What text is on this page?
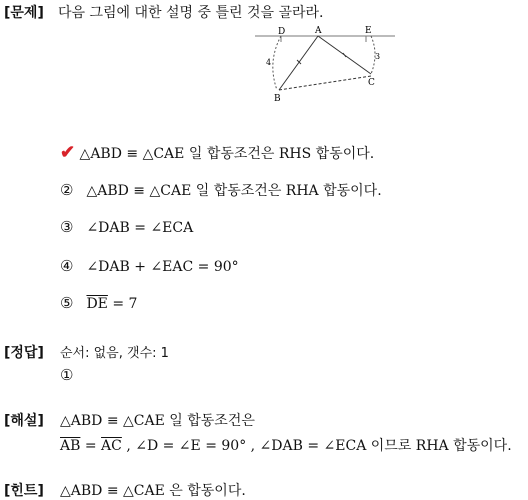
[문제] 다음 그림에 대한 설명 중 틀린 것을 골라라.
D	A	E
B
C
4
3
✔ △ABD ≡ △CAE 일 합동조건은 RHS 합동이다.
② △ABD ≡ △CAE 일 합동조건은 RHA 합동이다.
③ ∠DAB = ∠ECA
④ ∠DAB + ∠EAC = 90°
⑤ $\overline{DE} = 7$
[정답] 순서: 없음, 갯수: 1
①
[해설] △ABD ≡ △CAE 일 합동조건은
$\overline{AB} = \overline{AC}$ , ∠D = ∠E = 90° , ∠DAB = ∠ECA 이므로 RHA 합동이다.
[힌트] △ABD ≡ △CAE 은 합동이다.
